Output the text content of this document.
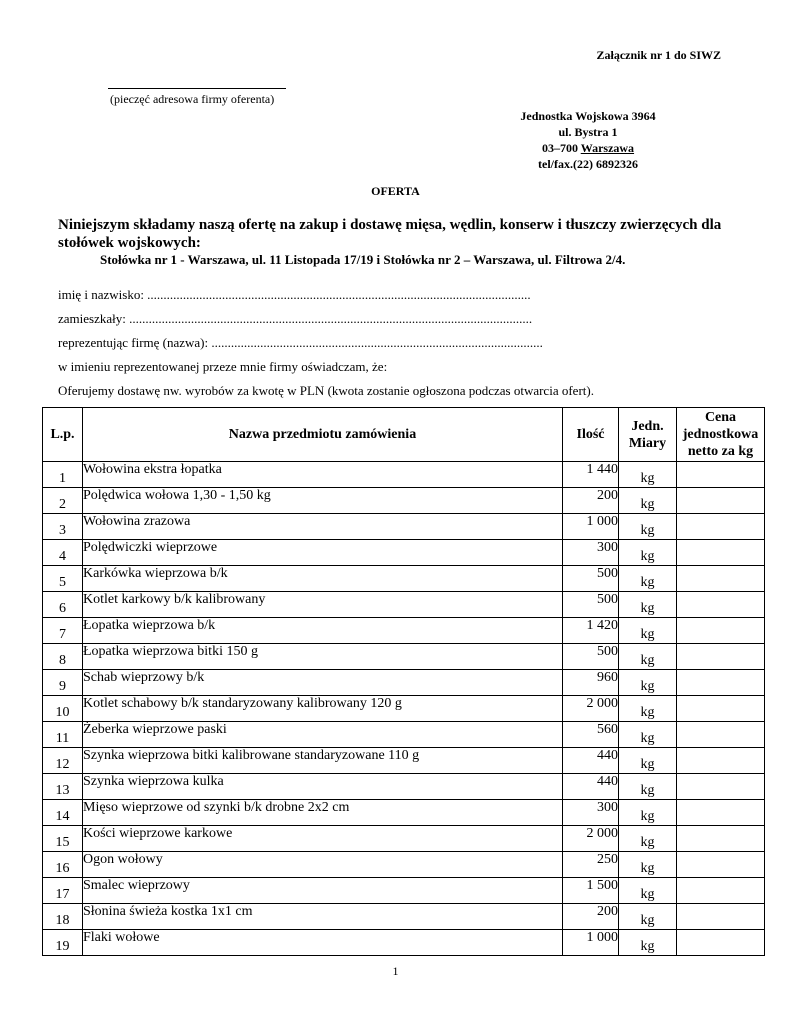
Załącznik nr 1 do SIWZ
(pieczęć adresowa firmy oferenta)
Jednostka Wojskowa 3964
ul. Bystra 1
03–700 Warszawa
tel/fax.(22) 6892326
OFERTA
Niniejszym składamy naszą ofertę na zakup i dostawę mięsa, wędlin, konserw i tłuszczy zwierzęcych dla stołówek wojskowych:
Stołówka nr 1 - Warszawa, ul. 11 Listopada 17/19 i Stołówka nr 2 – Warszawa, ul. Filtrowa 2/4.
imię i nazwisko: ......................................................................................................................
zamieszkały: ............................................................................................................................
reprezentując firmę (nazwa): ......................................................................................................
w imieniu reprezentowanej przeze mnie firmy oświadczam, że:
Oferujemy dostawę nw. wyrobów za kwotę w PLN (kwota zostanie ogłoszona podczas otwarcia ofert).
L.p.	Nazwa przedmiotu zamówienia	Ilość	Jedn. Miary	Cena jednostkowa netto za kg
1	Wołowina ekstra łopatka	1 440	kg	
2	Polędwica wołowa 1,30 - 1,50 kg	200	kg	
3	Wołowina zrazowa	1 000	kg	
4	Polędwiczki wieprzowe	300	kg	
5	Karkówka wieprzowa b/k	500	kg	
6	Kotlet karkowy b/k kalibrowany	500	kg	
7	Łopatka wieprzowa b/k	1 420	kg	
8	Łopatka wieprzowa bitki 150 g	500	kg	
9	Schab wieprzowy b/k	960	kg	
10	Kotlet schabowy b/k standaryzowany kalibrowany 120 g	2 000	kg	
11	Żeberka wieprzowe paski	560	kg	
12	Szynka wieprzowa bitki kalibrowane standaryzowane 110 g	440	kg	
13	Szynka wieprzowa kulka	440	kg	
14	Mięso wieprzowe od szynki b/k drobne 2x2 cm	300	kg	
15	Kości wieprzowe karkowe	2 000	kg	
16	Ogon wołowy	250	kg	
17	Smalec wieprzowy	1 500	kg	
18	Słonina świeża kostka 1x1 cm	200	kg	
19	Flaki wołowe	1 000	kg	
1
